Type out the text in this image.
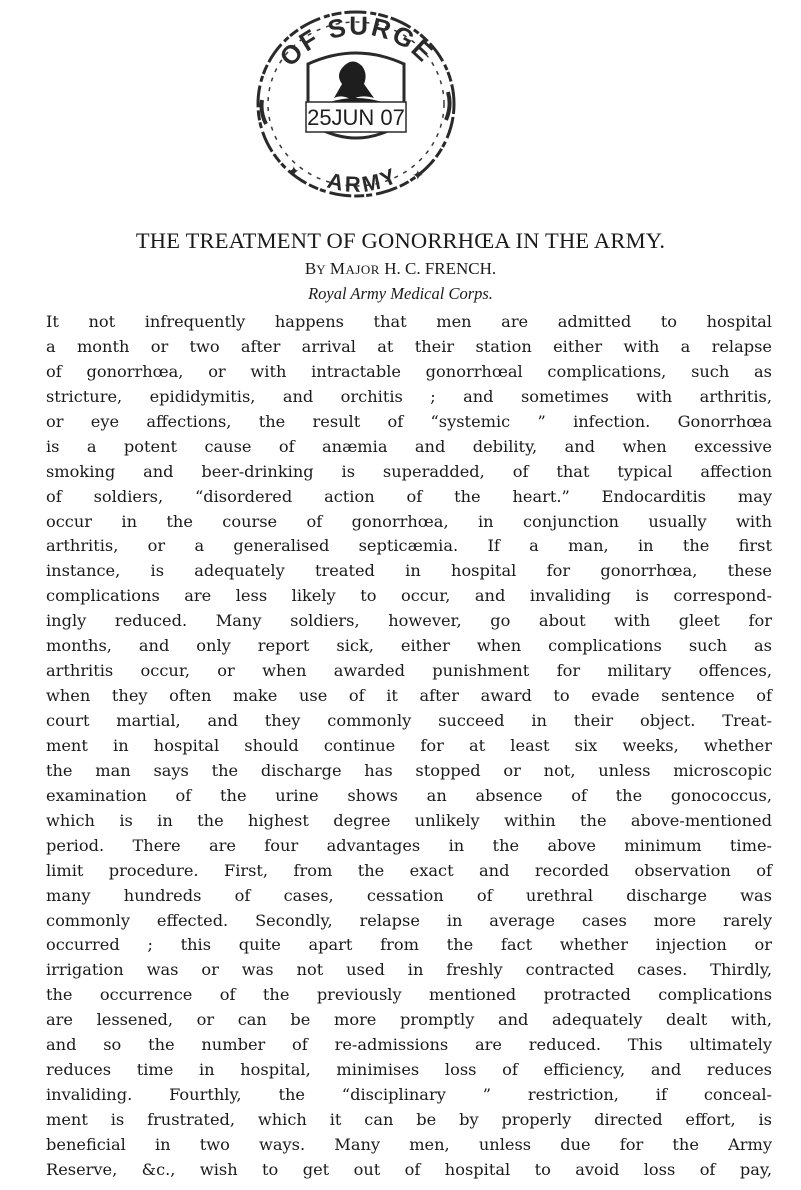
OF SURGE
25JUN 07
ARMY
✦	✦
THE TREATMENT OF GONORRHŒA IN THE ARMY.

BY MAJOR H. C. FRENCH.

Royal Army Medical Corps.

It not infrequently happens that men are admitted to hospital
a month or two after arrival at their station either with a relapse
of gonorrhœa, or with intractable gonorrhœal complications, such as
stricture, epididymitis, and orchitis ; and sometimes with arthritis,
or eye affections, the result of “systemic ” infection. Gonorrhœa
is a potent cause of anæmia and debility, and when excessive
smoking and beer-drinking is superadded, of that typical affection
of soldiers, “disordered action of the heart.” Endocarditis may
occur in the course of gonorrhœa, in conjunction usually with
arthritis, or a generalised septicæmia. If a man, in the first
instance, is adequately treated in hospital for gonorrhœa, these
complications are less likely to occur, and invaliding is correspond-
ingly reduced. Many soldiers, however, go about with gleet for
months, and only report sick, either when complications such as
arthritis occur, or when awarded punishment for military offences,
when they often make use of it after award to evade sentence of
court martial, and they commonly succeed in their object. Treat-
ment in hospital should continue for at least six weeks, whether
the man says the discharge has stopped or not, unless microscopic
examination of the urine shows an absence of the gonococcus,
which is in the highest degree unlikely within the above-mentioned
period. There are four advantages in the above minimum time-
limit procedure. First, from the exact and recorded observation of
many hundreds of cases, cessation of urethral discharge was
commonly effected. Secondly, relapse in average cases more rarely
occurred ; this quite apart from the fact whether injection or
irrigation was or was not used in freshly contracted cases. Thirdly,
the occurrence of the previously mentioned protracted complications
are lessened, or can be more promptly and adequately dealt with,
and so the number of re-admissions are reduced. This ultimately
reduces time in hospital, minimises loss of efficiency, and reduces
invaliding. Fourthly, the “disciplinary ” restriction, if conceal-
ment is frustrated, which it can be by properly directed effort, is
beneficial in two ways. Many men, unless due for the Army
Reserve, &c., wish to get out of hospital to avoid loss of pay,
